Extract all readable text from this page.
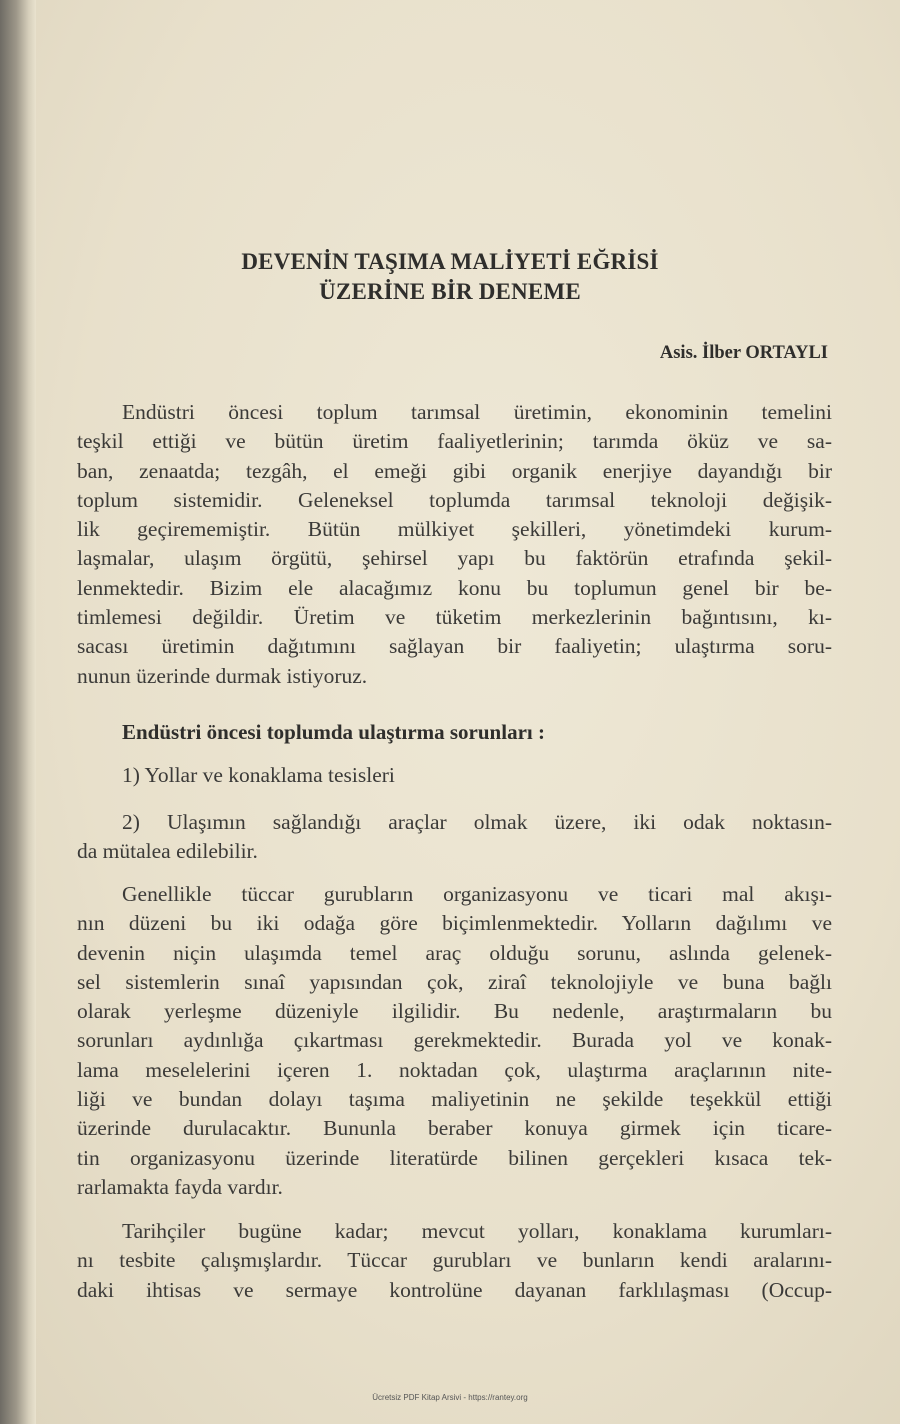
DEVENİN TAŞIMA MALİYETİ EĞRİSİ
ÜZERİNE BİR DENEME
Asis. İlber ORTAYLI
Endüstri öncesi toplum tarımsal üretimin, ekonominin temelini
teşkil ettiği ve bütün üretim faaliyetlerinin; tarımda öküz ve sa-
ban, zenaatda; tezgâh, el emeği gibi organik enerjiye dayandığı bir
toplum sistemidir. Geleneksel toplumda tarımsal teknoloji değişik-
lik geçirememiştir. Bütün mülkiyet şekilleri, yönetimdeki kurum-
laşmalar, ulaşım örgütü, şehirsel yapı bu faktörün etrafında şekil-
lenmektedir. Bizim ele alacağımız konu bu toplumun genel bir be-
timlemesi değildir. Üretim ve tüketim merkezlerinin bağıntısını, kı-
sacası üretimin dağıtımını sağlayan bir faaliyetin; ulaştırma soru-
nunun üzerinde durmak istiyoruz.
Endüstri öncesi toplumda ulaştırma sorunları :
1) Yollar ve konaklama tesisleri
2) Ulaşımın sağlandığı araçlar olmak üzere, iki odak noktasın-
da mütalea edilebilir.
Genellikle tüccar gurubların organizasyonu ve ticari mal akışı-
nın düzeni bu iki odağa göre biçimlenmektedir. Yolların dağılımı ve
devenin niçin ulaşımda temel araç olduğu sorunu, aslında gelenek-
sel sistemlerin sınaî yapısından çok, ziraî teknolojiyle ve buna bağlı
olarak yerleşme düzeniyle ilgilidir. Bu nedenle, araştırmaların bu
sorunları aydınlığa çıkartması gerekmektedir. Burada yol ve konak-
lama meselelerini içeren 1. noktadan çok, ulaştırma araçlarının nite-
liği ve bundan dolayı taşıma maliyetinin ne şekilde teşekkül ettiği
üzerinde durulacaktır. Bununla beraber konuya girmek için ticare-
tin organizasyonu üzerinde literatürde bilinen gerçekleri kısaca tek-
rarlamakta fayda vardır.
Tarihçiler bugüne kadar; mevcut yolları, konaklama kurumları-
nı tesbite çalışmışlardır. Tüccar gurubları ve bunların kendi aralarını-
daki ihtisas ve sermaye kontrolüne dayanan farklılaşması (Occup-
Ücretsiz PDF Kitap Arsivi - https://rantey.org
